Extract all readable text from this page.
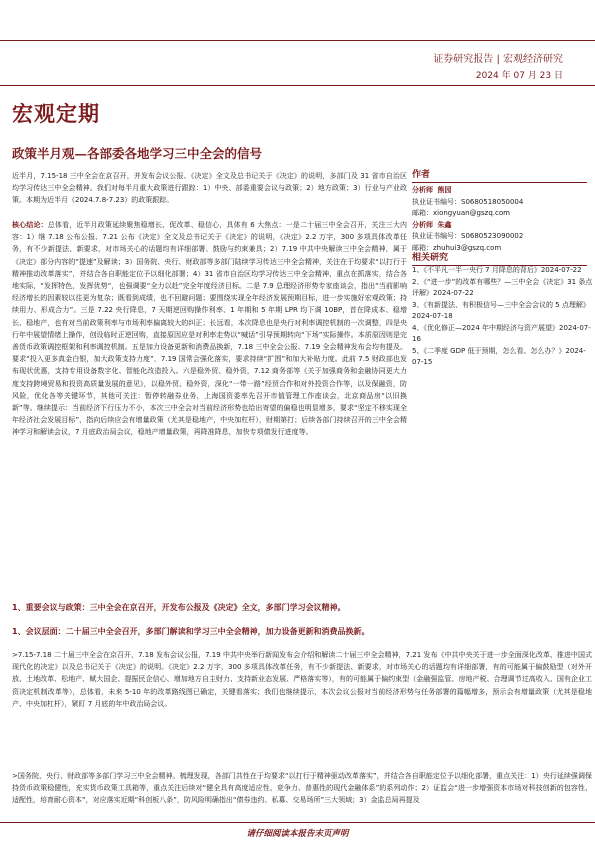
证券研究报告 | 宏观经济研究
2024 年 07 月 23 日
宏观定期
政策半月观—各部委各地学习三中全会的信号
近半月，7.15-18 三中全会在京召开，并发布会议公报、《决定》全文及总书记关于《决定》的说明，多部门及 31 省市自治区均学习传达三中全会精神。我们对每半月重大政策进行跟踪：1）中央、部委重要会议与政策；2）地方政策；3）行业与产业政策。本期为近半月（2024.7.8-7.23）的政策跟踪。
核心结论：总体看，近半月政策延续聚焦稳增长、促改革、稳信心，具体有 6 大焦点：一是二十届三中全会召开，关注三大内容：1）继 7.18 公布公报、7.21 公布《决定》全文及总书记关于《决定》的说明，《决定》2.2 万字，300 多项具体改革任务，有不少新提法、新要求，对市场关心的话题均有详细部署、鼓励与约束兼具；2）7.19 中共中央解读三中全会精神，属于《决定》部分内容的“提速”及解读；3）国务院、央行、财政部等多部门陆续学习传达三中全会精神，关注在于均要求“以打行于精神推动改革落实”，并结合各自职能定位予以细化部署；4）31 省市自治区均学习传达三中全会精神，重点在抓落实，结合各地实际，“发挥特色，发挥优势”，也强调要“全力以赴”完全年度经济目标。二是 7.9 总理经济形势专家座谈会，指出“当前影响经济增长的因素较以往更为复杂；既看到成绩，也不回避问题；要围绕实现全年经济发展预期目标，进一步实施好宏观政策；持续用力、形成合力”。三是 7.22 央行降息，7 天期逆回购操作利率、1 年期和 5 年期 LPR 均下调 10BP，首在降成本、稳增长、稳地产，也有对当前政策利率与市场利率偏离较大的纠正；长远看，本次降息也是央行对利率调控机制的一次调整，四是央行年中展望情绪上操作，创设临时正逆回购，直接原因应是对利率走势以“喊话”引导预期转向“下场”实际操作。本质原因则是完善货币政策调控框架和利率调控机制。五是加力设备更新和消费品换新，7.18 三中全会公报、7.19 全会精神发布会均有提及。要求“投入更多真金白银，加大政策支持力度”，7.19 国常会强化落实，要求持续“扩围”和加大补贴力度。此前 7.5 财政部也发布现状优惠，支持专用设备数字化、智能化改造投入。六是稳外贸、稳外资，7.12 商务部等《关于加强商务和金融协同更大力度支持跨境贸易和投资高质量发展的意见》，以稳外贸、稳外资，深化“一带一路”经贸合作和对外投资合作等，以及保融资，防风险，优化各等关键环节，其他可关注：暂停转融券业务，上海国资委率先召开市值管理工作座谈会，北京商品房“以旧换新”等。继续提示：当前经济下行压力不小，本次三中全会对当前经济形势也给出寄望的偏稳也明显增多，要求“坚定不移实现全年经济社会发展目标”，指向后续应会有增量政策（尤其是稳地产，中央加杠杆），财期第打；后续各部门持续召开的三中全会精神学习和解读会议，7 月底政治局会议，稳地产增量政策，再降准降息，加快专项债发行进度等。
1、重要会议与政策：三中全会在京召开，开发布公报及《决定》全文，多部门学习会议精神。
1、会议层面：二十届三中全会召开，多部门解读和学习三中全会精神，加力设备更新和消费品换新。
>7.15-7.18 二十届三中全会在京召开，7.18 发布会议公报，7.19 中共中央举行新闻发布会介绍和解读二十届三中全会精神，7.21 发布《中共中央关于进一步全面深化改革、推进中国式现代化的决定》以及总书记关于《决定》的说明。《决定》2.2 万字，300 多项具体改革任务，有不少新提法、新要求，对市场关心的话题均有详细部署，有的可能属于偏鼓励型（对外开放、土地改革、松地产、赋大国企、提振民企信心、增加地方自主财力、支持新业态发展、严格落实等），有的可能属于偏约束型（金融强监管、房地产税、合理调节过高收入、国有企业工资决定机制改革等），总体看，未来 5-10 年的改革路线图已确定，关键看落实；我们也继续提示，本次会议公报对当前经济形势与任务部署的篇幅增多，预示会有增量政策（尤其是稳地产、中央加杠杆），紧盯 7 月底的年中政治局会议。
>国务院、央行、财政部等多部门学习三中全会精神。梳理发现，各部门共性在于均要求“以打行于精神驱动改革落实”，并结合各自职能定位予以细化部署，重点关注：1）央行延续强调保持货币政策稳健性，充实货币政策工具箱等，重点关注后续对“健全具有高度适应性、竞争力、普惠性的现代金融体系”的系列动作；2）证监会“进一步增强资本市场对科技创新的包容性、适配性，培育耐心资本”，对应落实近期“科创板八条”，防风险明确指出“债券违约、私募、交易场所”三大领域；3）金监总局再提及
作者
分析师 熊园
执业证书编号：S0680518050004
邮箱：xiongyuan@gszq.com
分析师 朱鑫
执业证书编号：S0680523090002
邮箱：zhuhui3@gszq.com
相关研究
1、《不平凡一半一央行 7 月降息的背后》2024-07-22
2、《“进一步”的改革有哪些？—三中全会《决定》31 条点评解》2024-07-22
3、《有新提法、有积极信号—三中全会会议的 5 点理解》2024-07-18
4、《优化修正—2024 年中期经济与资产展望》2024-07-16
5、《二季度 GDP 低于预期，怎么看、怎么办？》2024-07-15
请仔细阅读本报告末页声明
